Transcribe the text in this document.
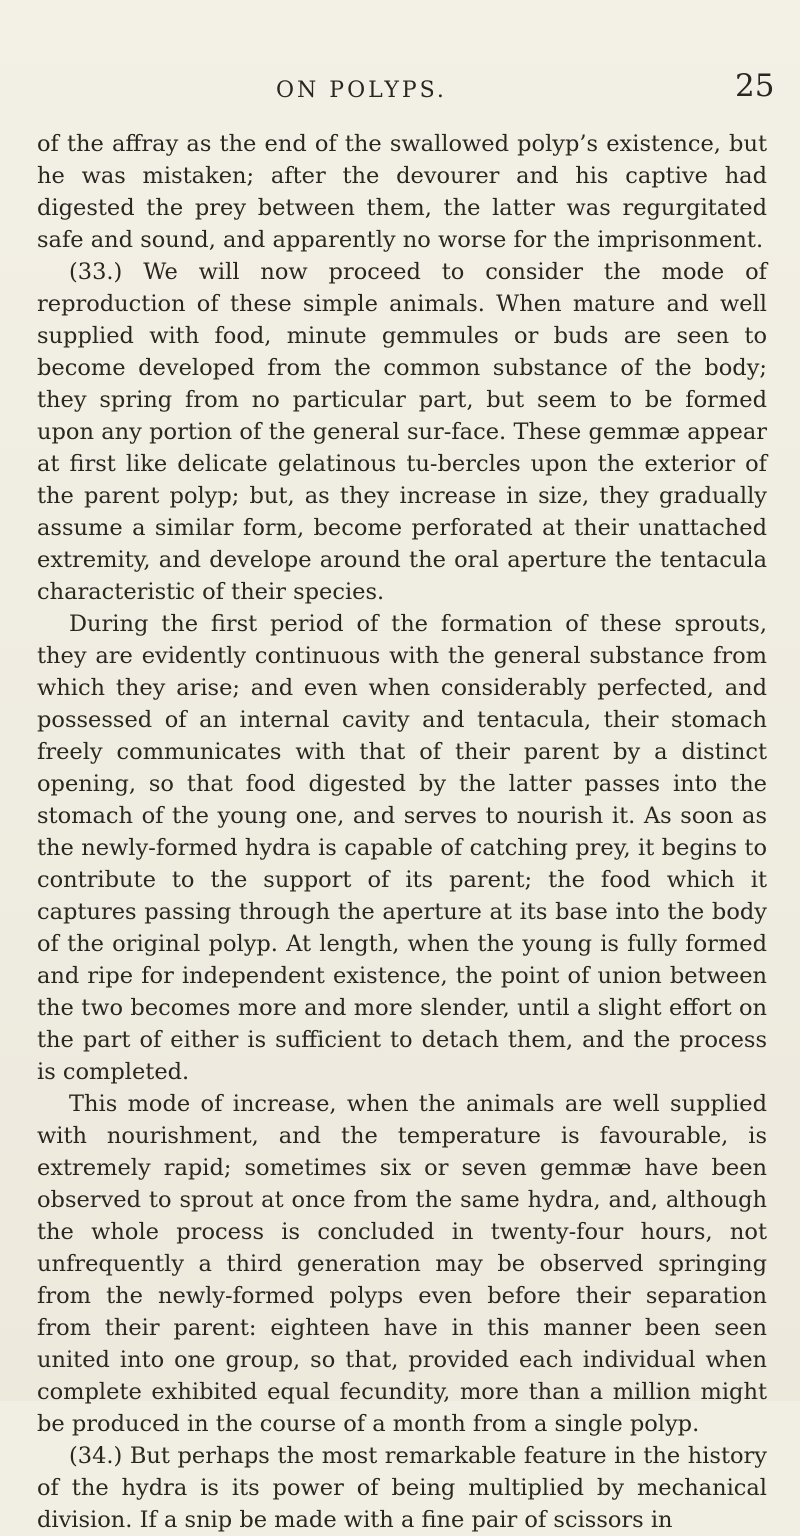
ON POLYPS.	25

of the affray as the end of the swallowed polyp’s existence, but he was mistaken; after the devourer and his captive had digested the prey between them, the latter was regurgitated safe and sound, and apparently no worse for the imprisonment.

(33.) We will now proceed to consider the mode of reproduction of these simple animals. When mature and well supplied with food, minute gemmules or buds are seen to become developed from the common substance of the body; they spring from no particular part, but seem to be formed upon any portion of the general sur-face. These gemmæ appear at first like delicate gelatinous tu-bercles upon the exterior of the parent polyp; but, as they increase in size, they gradually assume a similar form, become perforated at their unattached extremity, and develope around the oral aperture the tentacula characteristic of their species.

During the first period of the formation of these sprouts, they are evidently continuous with the general substance from which they arise; and even when considerably perfected, and possessed of an internal cavity and tentacula, their stomach freely communicates with that of their parent by a distinct opening, so that food digested by the latter passes into the stomach of the young one, and serves to nourish it. As soon as the newly-formed hydra is capable of catching prey, it begins to contribute to the support of its parent; the food which it captures passing through the aperture at its base into the body of the original polyp. At length, when the young is fully formed and ripe for independent existence, the point of union between the two becomes more and more slender, until a slight effort on the part of either is sufficient to detach them, and the process is completed.

This mode of increase, when the animals are well supplied with nourishment, and the temperature is favourable, is extremely rapid; sometimes six or seven gemmæ have been observed to sprout at once from the same hydra, and, although the whole process is concluded in twenty-four hours, not unfrequently a third generation may be observed springing from the newly-formed polyps even before their separation from their parent: eighteen have in this manner been seen united into one group, so that, provided each individual when complete exhibited equal fecundity, more than a million might be produced in the course of a month from a single polyp.

(34.) But perhaps the most remarkable feature in the history of the hydra is its power of being multiplied by mechanical division. If a snip be made with a fine pair of scissors in
